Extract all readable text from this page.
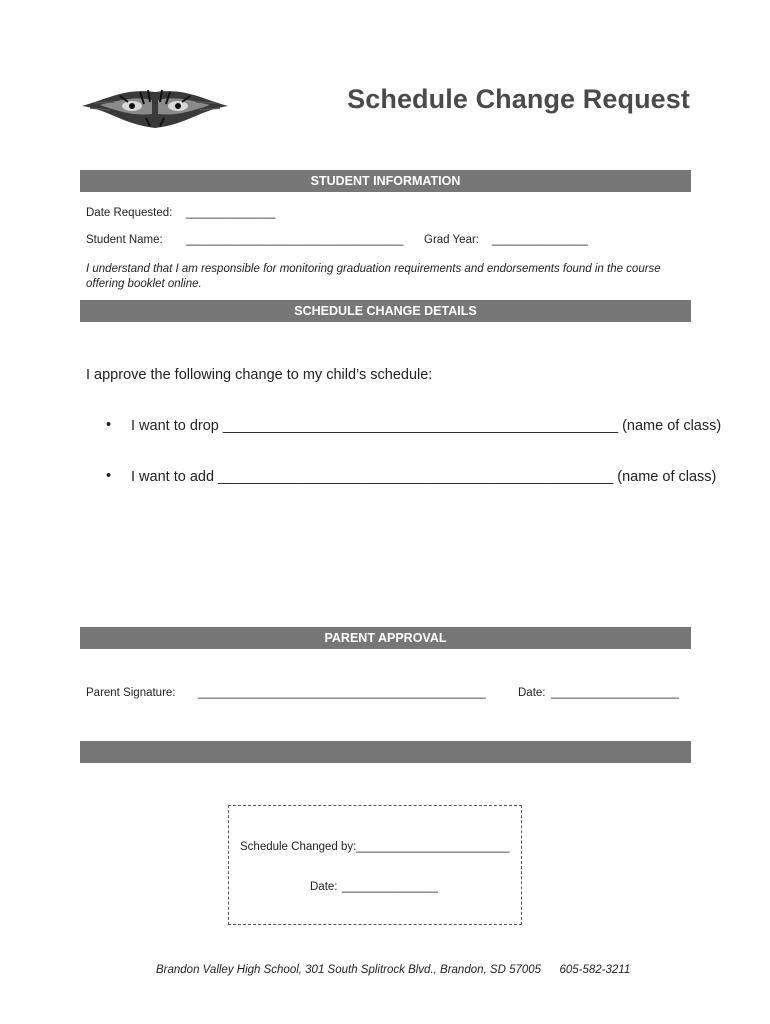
Schedule Change Request
STUDENT INFORMATION
Date Requested: ______________
Student Name: __________________________________ Grad Year: _______________
I understand that I am responsible for monitoring graduation requirements and endorsements found in the course
offering booklet online.
SCHEDULE CHANGE DETAILS
I approve the following change to my child’s schedule:
• I want to drop _________________________________________________ (name of class)
• I want to add _________________________________________________ (name of class)
PARENT APPROVAL
Parent Signature: _____________________________________________	Date: ____________________
Schedule Changed by: ________________________
Date: _______________
Brandon Valley High School, 301 South Splitrock Blvd., Brandon, SD 57005 605-582-3211
